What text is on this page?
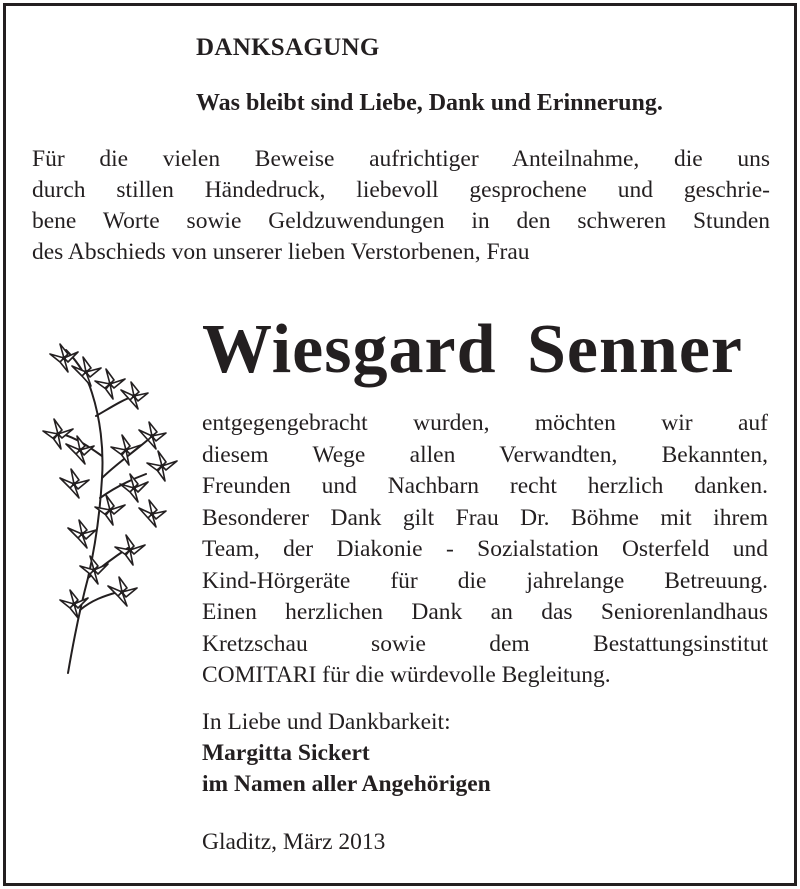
DANKSAGUNG
Was bleibt sind Liebe, Dank und Erinnerung.
Für die vielen Beweise aufrichtiger Anteilnahme, die uns
durch stillen Händedruck, liebevoll gesprochene und geschrie-
bene Worte sowie Geldzuwendungen in den schweren Stunden
des Abschieds von unserer lieben Verstorbenen, Frau
Wiesgard Senner
entgegengebracht wurden, möchten wir auf
diesem Wege allen Verwandten, Bekannten,
Freunden und Nachbarn recht herzlich danken.
Besonderer Dank gilt Frau Dr. Böhme mit ihrem
Team, der Diakonie - Sozialstation Osterfeld und
Kind-Hörgeräte für die jahrelange Betreuung.
Einen herzlichen Dank an das Seniorenlandhaus
Kretzschau sowie dem Bestattungsinstitut
COMITARI für die würdevolle Begleitung.
In Liebe und Dankbarkeit:
Margitta Sickert
im Namen aller Angehörigen
Gladitz, März 2013
